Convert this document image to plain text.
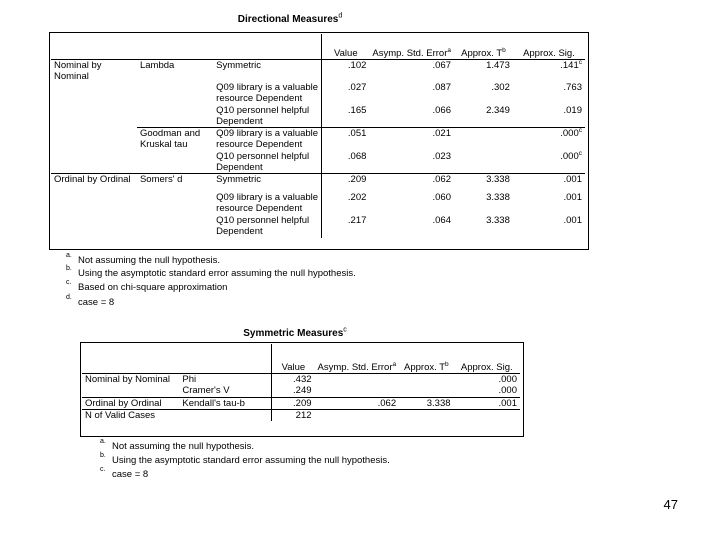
Directional Measures$^d$
			Value	Asymp. Std. Error$^a$	Approx. $T^b$	Approx. Sig.
Nominal by Nominal	Lambda	Symmetric	.102	.067	1.473	.141$^c$
		Q09 library is a valuable resource Dependent	.027	.087	.302	.763
		Q10 personnel helpful Dependent	.165	.066	2.349	.019
	Goodman and Kruskal tau	Q09 library is a valuable resource Dependent	.051	.021		.000$^c$
		Q10 personnel helpful Dependent	.068	.023		.000$^c$
Ordinal by Ordinal	Somers' d	Symmetric	.209	.062	3.338	.001
		Q09 library is a valuable resource Dependent	.202	.060	3.338	.001
		Q10 personnel helpful Dependent	.217	.064	3.338	.001
a. Not assuming the null hypothesis.
b. Using the asymptotic standard error assuming the null hypothesis.
c. Based on chi-square approximation
d. case = 8
Symmetric Measures$^c$
		Value	Asymp. Std. Error$^a$	Approx. $T^b$	Approx. Sig.
Nominal by Nominal	Phi	.432			.000
	Cramer's V	.249			.000
Ordinal by Ordinal	Kendall's tau-b	.209	.062	3.338	.001
N of Valid Cases		212			
a. Not assuming the null hypothesis.
b. Using the asymptotic standard error assuming the null hypothesis.
c. case = 8
47
